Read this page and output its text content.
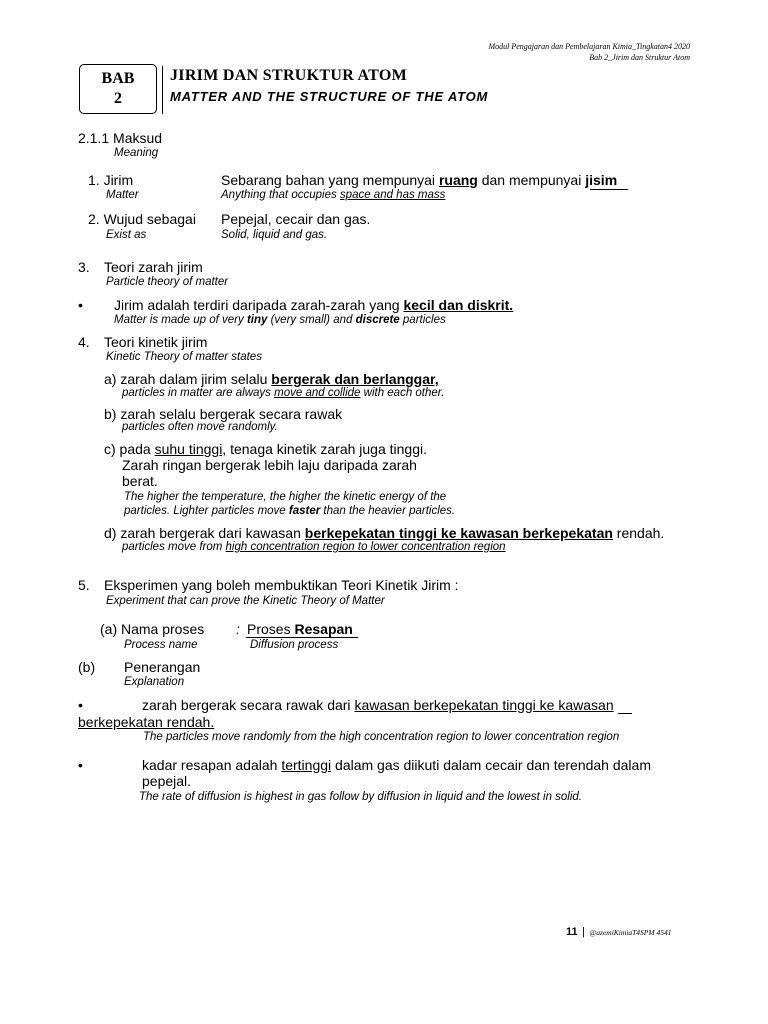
Modul Pengajaran dan Pembelajaran Kimia_Tingkatan4 2020
Bab 2_Jirim dan Struktur Atom
BAB
2
JIRIM DAN STRUKTUR ATOM
MATTER AND THE STRUCTURE OF THE ATOM
2.1.1 Maksud
Meaning
1. Jirim
Matter
Sebarang bahan yang mempunyai ruang dan mempunyai jisim
Anything that occupies space and has mass
2. Wujud sebagai
Exist as
Pepejal, cecair dan gas.
Solid, liquid and gas.
3. Teori zarah jirim
Particle theory of matter
• Jirim adalah terdiri daripada zarah-zarah yang kecil dan diskrit.
Matter is made up of very tiny (very small) and discrete particles
4. Teori kinetik jirim
Kinetic Theory of matter states
a) zarah dalam jirim selalu bergerak dan berlanggar,
particles in matter are always move and collide with each other.
b) zarah selalu bergerak secara rawak
particles often move randomly.
c) pada suhu tinggi, tenaga kinetik zarah juga tinggi.
Zarah ringan bergerak lebih laju daripada zarah
berat.
The higher the temperature, the higher the kinetic energy of the
particles. Lighter particles move faster than the heavier particles.
d) zarah bergerak dari kawasan berkepekatan tinggi ke kawasan berkepekatan rendah.
particles move from high concentration region to lower concentration region
5. Eksperimen yang boleh membuktikan Teori Kinetik Jirim :
Experiment that can prove the Kinetic Theory of Matter
(a) Nama proses : Proses Resapan
Process name	Diffusion process
(b) Penerangan
Explanation
•	zarah bergerak secara rawak dari kawasan berkepekatan tinggi ke kawasan
berkepekatan rendah.
The particles move randomly from the high concentration region to lower concentration region
•	kadar resapan adalah tertinggi dalam gas diikuti dalam cecair dan terendah dalam
pepejal.
The rate of diffusion is highest in gas follow by diffusion in liquid and the lowest in solid.
11 | @azemiKimiaT4SPM 4541
